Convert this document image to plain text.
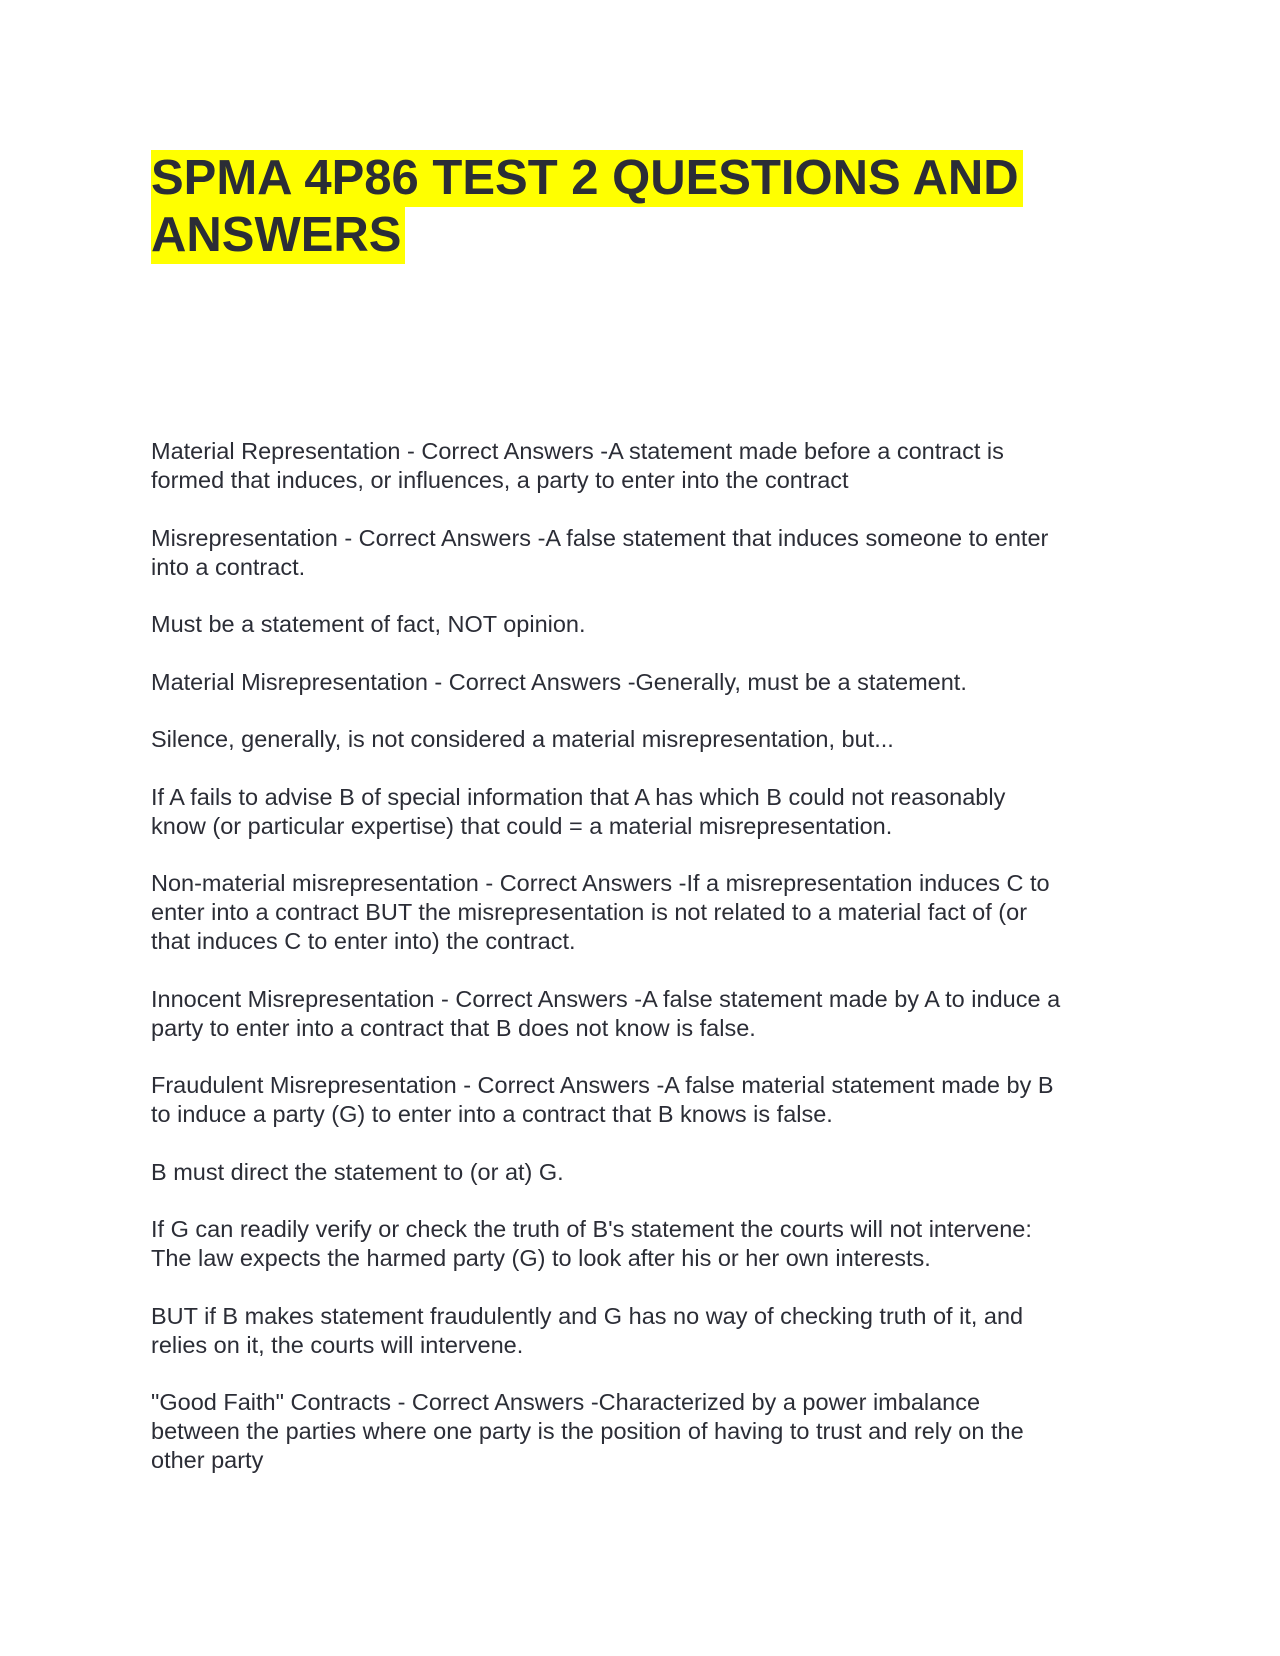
SPMA 4P86 TEST 2 QUESTIONS AND
ANSWERS

Material Representation - Correct Answers -A statement made before a contract is
formed that induces, or influences, a party to enter into the contract

Misrepresentation - Correct Answers -A false statement that induces someone to enter
into a contract.

Must be a statement of fact, NOT opinion.

Material Misrepresentation - Correct Answers -Generally, must be a statement.

Silence, generally, is not considered a material misrepresentation, but...

If A fails to advise B of special information that A has which B could not reasonably
know (or particular expertise) that could = a material misrepresentation.

Non-material misrepresentation - Correct Answers -If a misrepresentation induces C to
enter into a contract BUT the misrepresentation is not related to a material fact of (or
that induces C to enter into) the contract.

Innocent Misrepresentation - Correct Answers -A false statement made by A to induce a
party to enter into a contract that B does not know is false.

Fraudulent Misrepresentation - Correct Answers -A false material statement made by B
to induce a party (G) to enter into a contract that B knows is false.

B must direct the statement to (or at) G.

If G can readily verify or check the truth of B's statement the courts will not intervene:
The law expects the harmed party (G) to look after his or her own interests.

BUT if B makes statement fraudulently and G has no way of checking truth of it, and
relies on it, the courts will intervene.

"Good Faith" Contracts - Correct Answers -Characterized by a power imbalance
between the parties where one party is the position of having to trust and rely on the
other party
